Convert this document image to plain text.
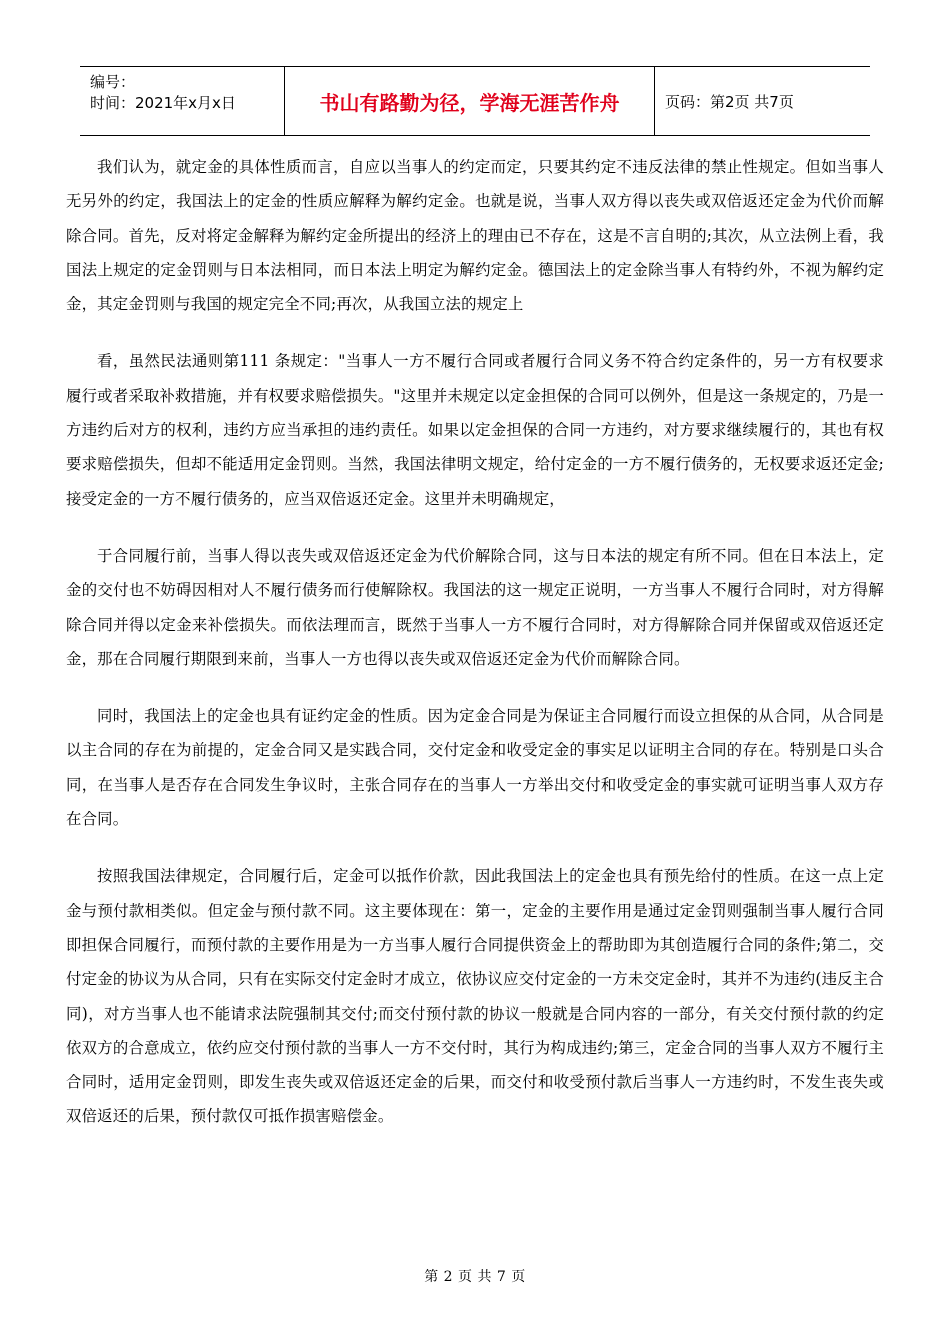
编号：
时间：2021年x月x日	书山有路勤为径，学海无涯苦作舟	页码：第2页 共7页

我们认为，就定金的具体性质而言，自应以当事人的约定而定，只要其约定不违反法律的禁止性规定。但如当事人无另外的约定，我国法上的定金的性质应解释为解约定金。也就是说，当事人双方得以丧失或双倍返还定金为代价而解除合同。首先，反对将定金解释为解约定金所提出的经济上的理由已不存在，这是不言自明的;其次，从立法例上看，我国法上规定的定金罚则与日本法相同，而日本法上明定为解约定金。德国法上的定金除当事人有特约外，不视为解约定金，其定金罚则与我国的规定完全不同;再次，从我国立法的规定上

看，虽然民法通则第111 条规定："当事人一方不履行合同或者履行合同义务不符合约定条件的，另一方有权要求履行或者采取补救措施，并有权要求赔偿损失。"这里并未规定以定金担保的合同可以例外，但是这一条规定的，乃是一方违约后对方的权利，违约方应当承担的违约责任。如果以定金担保的合同一方违约，对方要求继续履行的，其也有权要求赔偿损失，但却不能适用定金罚则。当然，我国法律明文规定，给付定金的一方不履行债务的，无权要求返还定金;接受定金的一方不履行债务的，应当双倍返还定金。这里并未明确规定，

于合同履行前，当事人得以丧失或双倍返还定金为代价解除合同，这与日本法的规定有所不同。但在日本法上，定金的交付也不妨碍因相对人不履行债务而行使解除权。我国法的这一规定正说明，一方当事人不履行合同时，对方得解除合同并得以定金来补偿损失。而依法理而言，既然于当事人一方不履行合同时，对方得解除合同并保留或双倍返还定金，那在合同履行期限到来前，当事人一方也得以丧失或双倍返还定金为代价而解除合同。

同时，我国法上的定金也具有证约定金的性质。因为定金合同是为保证主合同履行而设立担保的从合同，从合同是以主合同的存在为前提的，定金合同又是实践合同，交付定金和收受定金的事实足以证明主合同的存在。特别是口头合同，在当事人是否存在合同发生争议时，主张合同存在的当事人一方举出交付和收受定金的事实就可证明当事人双方存在合同。

按照我国法律规定，合同履行后，定金可以抵作价款，因此我国法上的定金也具有预先给付的性质。在这一点上定金与预付款相类似。但定金与预付款不同。这主要体现在：第一，定金的主要作用是通过定金罚则强制当事人履行合同即担保合同履行，而预付款的主要作用是为一方当事人履行合同提供资金上的帮助即为其创造履行合同的条件;第二，交付定金的协议为从合同，只有在实际交付定金时才成立，依协议应交付定金的一方未交定金时，其并不为违约(违反主合同)，对方当事人也不能请求法院强制其交付;而交付预付款的协议一般就是合同内容的一部分，有关交付预付款的约定依双方的合意成立，依约应交付预付款的当事人一方不交付时，其行为构成违约;第三，定金合同的当事人双方不履行主合同时，适用定金罚则，即发生丧失或双倍返还定金的后果，而交付和收受预付款后当事人一方违约时，不发生丧失或双倍返还的后果，预付款仅可抵作损害赔偿金。

第 2 页 共 7 页
